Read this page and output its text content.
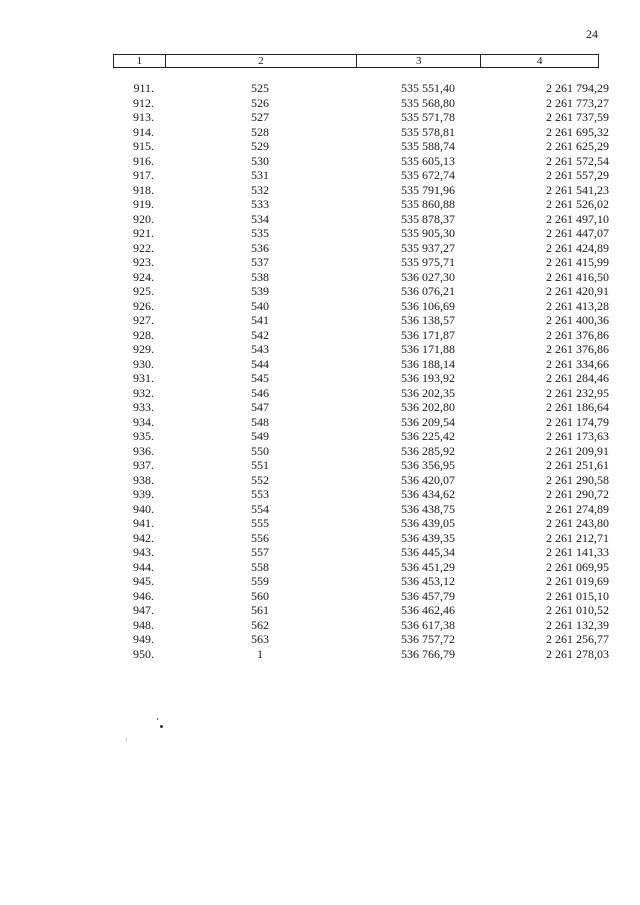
24
1	2	3	4
911.	525	535 551,40	2 261 794,29
912.	526	535 568,80	2 261 773,27
913.	527	535 571,78	2 261 737,59
914.	528	535 578,81	2 261 695,32
915.	529	535 588,74	2 261 625,29
916.	530	535 605,13	2 261 572,54
917.	531	535 672,74	2 261 557,29
918.	532	535 791,96	2 261 541,23
919.	533	535 860,88	2 261 526,02
920.	534	535 878,37	2 261 497,10
921.	535	535 905,30	2 261 447,07
922.	536	535 937,27	2 261 424,89
923.	537	535 975,71	2 261 415,99
924.	538	536 027,30	2 261 416,50
925.	539	536 076,21	2 261 420,91
926.	540	536 106,69	2 261 413,28
927.	541	536 138,57	2 261 400,36
928.	542	536 171,87	2 261 376,86
929.	543	536 171,88	2 261 376,86
930.	544	536 188,14	2 261 334,66
931.	545	536 193,92	2 261 284,46
932.	546	536 202,35	2 261 232,95
933.	547	536 202,80	2 261 186,64
934.	548	536 209,54	2 261 174,79
935.	549	536 225,42	2 261 173,63
936.	550	536 285,92	2 261 209,91
937.	551	536 356,95	2 261 251,61
938.	552	536 420,07	2 261 290,58
939.	553	536 434,62	2 261 290,72
940.	554	536 438,75	2 261 274,89
941.	555	536 439,05	2 261 243,80
942.	556	536 439,35	2 261 212,71
943.	557	536 445,34	2 261 141,33
944.	558	536 451,29	2 261 069,95
945.	559	536 453,12	2 261 019,69
946.	560	536 457,79	2 261 015,10
947.	561	536 462,46	2 261 010,52
948.	562	536 617,38	2 261 132,39
949.	563	536 757,72	2 261 256,77
950.	1	536 766,79	2 261 278,03
